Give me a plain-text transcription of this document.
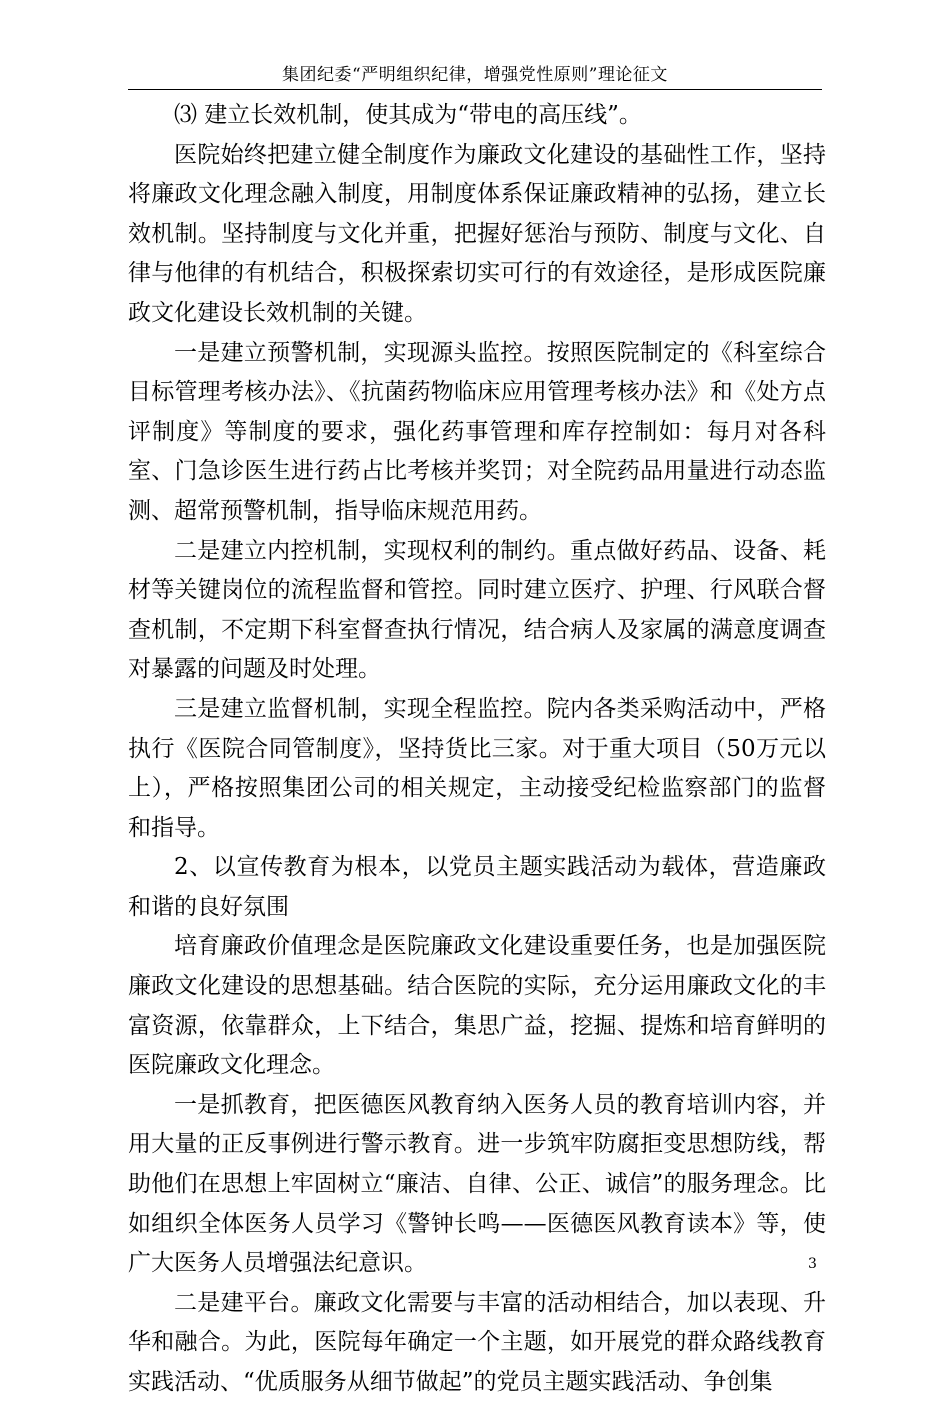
集团纪委“严明组织纪律，增强党性原则”理论征文

⑶ 建立长效机制，使其成为“带电的高压线”。

医院始终把建立健全制度作为廉政文化建设的基础性工作，坚持将廉政文化理念融入制度，用制度体系保证廉政精神的弘扬，建立长效机制。坚持制度与文化并重，把握好惩治与预防、制度与文化、自律与他律的有机结合，积极探索切实可行的有效途径，是形成医院廉政文化建设长效机制的关键。

一是建立预警机制，实现源头监控。按照医院制定的《科室综合目标管理考核办法》、《抗菌药物临床应用管理考核办法》和《处方点评制度》等制度的要求，强化药事管理和库存控制如：每月对各科室、门急诊医生进行药占比考核并奖罚；对全院药品用量进行动态监测、超常预警机制，指导临床规范用药。

二是建立内控机制，实现权利的制约。重点做好药品、设备、耗材等关键岗位的流程监督和管控。同时建立医疗、护理、行风联合督查机制，不定期下科室督查执行情况，结合病人及家属的满意度调查对暴露的问题及时处理。

三是建立监督机制，实现全程监控。院内各类采购活动中，严格执行《医院合同管制度》，坚持货比三家。对于重大项目（50万元以上），严格按照集团公司的相关规定，主动接受纪检监察部门的监督和指导。

2、以宣传教育为根本，以党员主题实践活动为载体，营造廉政和谐的良好氛围

培育廉政价值理念是医院廉政文化建设重要任务，也是加强医院廉政文化建设的思想基础。结合医院的实际，充分运用廉政文化的丰富资源，依靠群众，上下结合，集思广益，挖掘、提炼和培育鲜明的医院廉政文化理念。

一是抓教育，把医德医风教育纳入医务人员的教育培训内容，并用大量的正反事例进行警示教育。进一步筑牢防腐拒变思想防线，帮助他们在思想上牢固树立“廉洁、自律、公正、诚信”的服务理念。比如组织全体医务人员学习《警钟长鸣——医德医风教育读本》等，使广大医务人员增强法纪意识。

二是建平台。廉政文化需要与丰富的活动相结合，加以表现、升华和融合。为此，医院每年确定一个主题，如开展党的群众路线教育实践活动、“优质服务从细节做起”的党员主题实践活动、争创集

3
